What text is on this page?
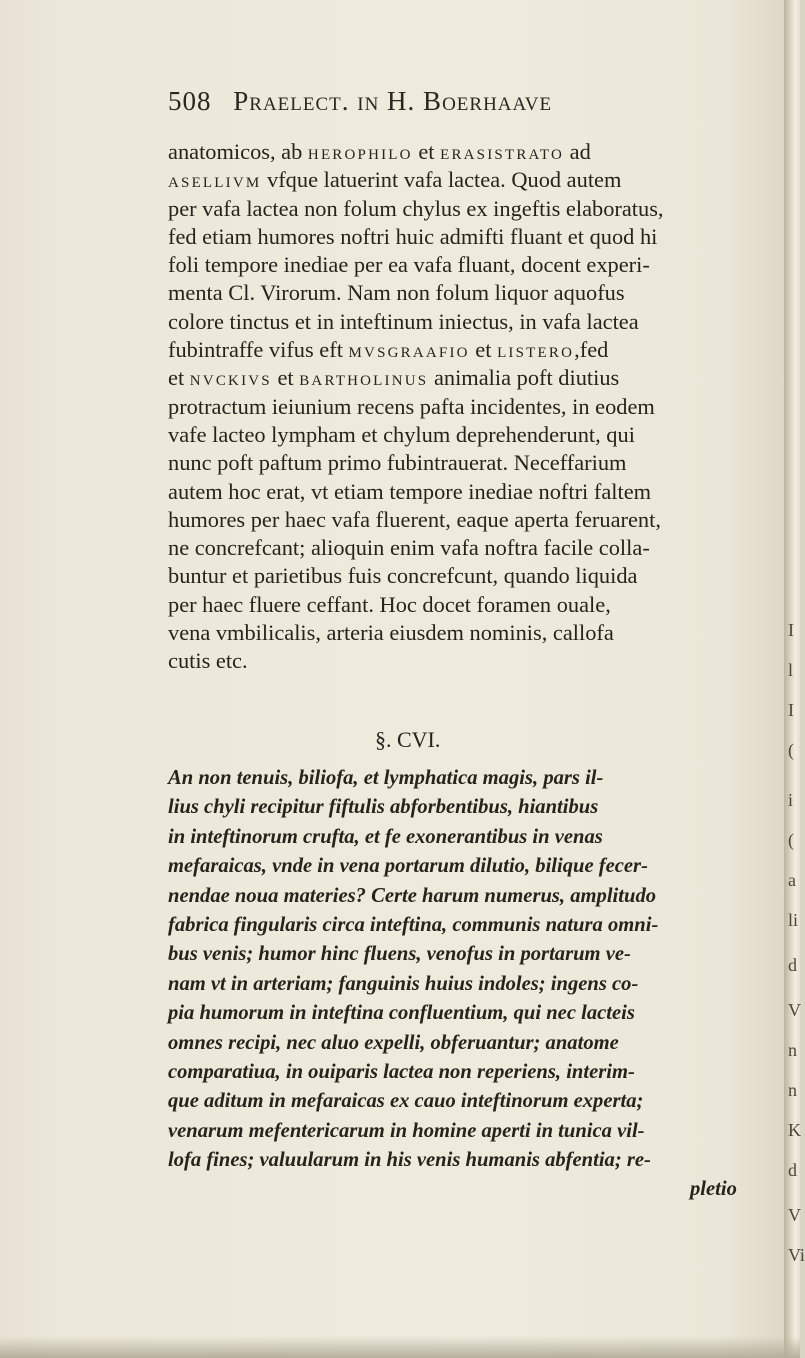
508 Praelect. in H. Boerhaave
anatomicos, ab HEROPHILO et ERASISTRATO ad
ASELLIVM vfque latuerint vafa lactea. Quod autem
per vafa lactea non folum chylus ex ingeftis elaboratus,
fed etiam humores noftri huic admifti fluant et quod hi
foli tempore inediae per ea vafa fluant, docent experi-
menta Cl. Virorum. Nam non folum liquor aquofus
colore tinctus et in inteftinum iniectus, in vafa lactea
fubintraffe vifus eft MVSGRAAFIO et LISTERO,fed
et NVCKIVS et BARTHOLINUS animalia poft diutius
protractum ieiunium recens pafta incidentes, in eodem
vafe lacteo lympham et chylum deprehenderunt, qui
nunc poft paftum primo fubintrauerat. Neceffarium
autem hoc erat, vt etiam tempore inediae noftri faltem
humores per haec vafa fluerent, eaque aperta feruarent,
ne concrefcant; alioquin enim vafa noftra facile colla-
buntur et parietibus fuis concrefcunt, quando liquida
per haec fluere ceffant. Hoc docet foramen ouale,
vena vmbilicalis, arteria eiusdem nominis, callofa
cutis etc.
§. CVI.
An non tenuis, biliofa, et lymphatica magis, pars il-
lius chyli recipitur fiftulis abforbentibus, hiantibus
in inteftinorum crufta, et fe exonerantibus in venas
mefaraicas, vnde in vena portarum dilutio, bilique fecer-
nendae noua materies? Certe harum numerus, amplitudo
fabrica fingularis circa inteftina, communis natura omni-
bus venis; humor hinc fluens, venofus in portarum ve-
nam vt in arteriam; fanguinis huius indoles; ingens co-
pia humorum in inteftina confluentium, qui nec lacteis
omnes recipi, nec aluo expelli, obferuantur; anatome
comparatiua, in ouiparis lactea non reperiens, interim-
que aditum in mefaraicas ex cauo inteftinorum experta;
venarum mefentericarum in homine aperti in tunica vil-
lofa fines; valuularum in his venis humanis abfentia; re-
pletio
I
l
I
(
i
(
a
li
d
V
n
n
K
d
V
Vi
